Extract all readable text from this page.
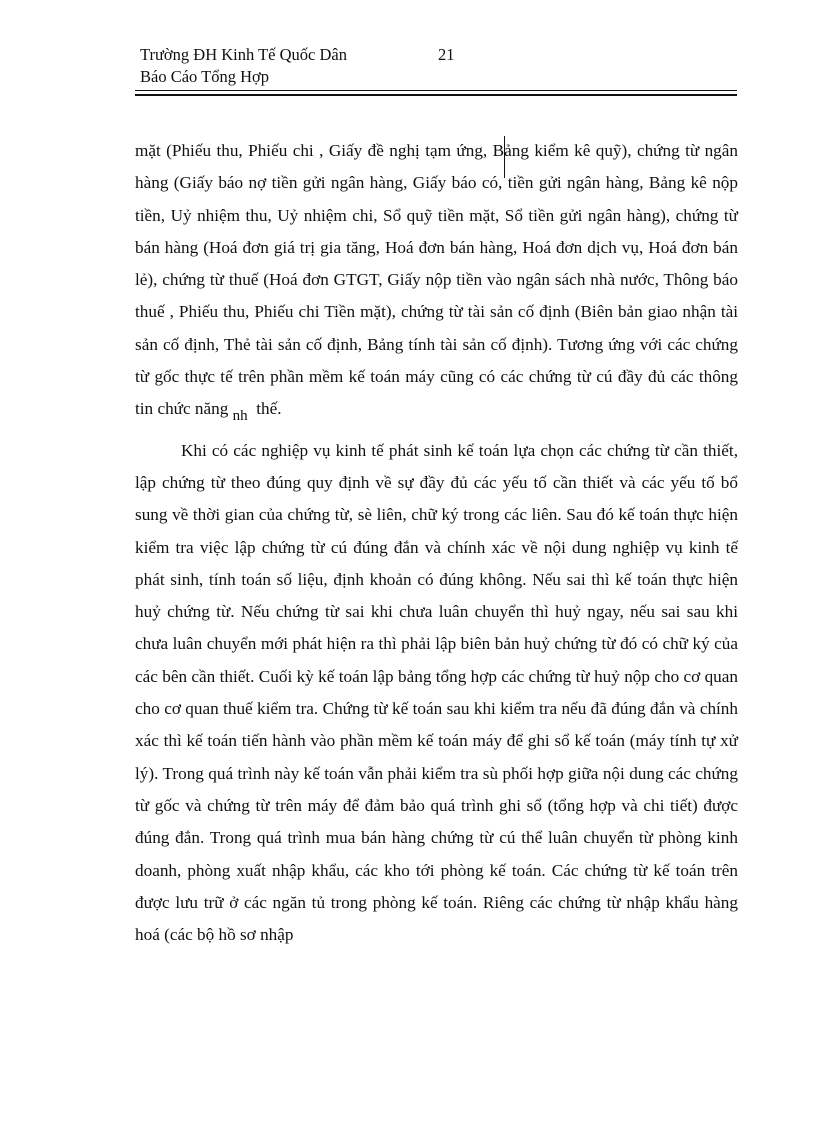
Trường ĐH Kinh Tế Quốc Dân	21
Báo Cáo Tổng Hợp

mặt (Phiếu thu, Phiếu chi , Giấy đề nghị tạm ứng, Bảng kiểm kê quỹ), chứng từ ngân hàng (Giấy báo nợ tiền gửi ngân hàng, Giấy báo có, tiền gửi ngân hàng, Bảng kê nộp tiền, Uỷ nhiệm thu, Uỷ nhiệm chi, Sổ quỹ tiền mặt, Sổ tiền gửi ngân hàng), chứng từ bán hàng (Hoá đơn giá trị gia tăng, Hoá đơn bán hàng, Hoá đơn dịch vụ, Hoá đơn bán lẻ), chứng từ thuế (Hoá đơn GTGT, Giấy nộp tiền vào ngân sách nhà nước, Thông báo thuế , Phiếu thu, Phiếu chi Tiền mặt), chứng từ tài sản cố định (Biên bản giao nhận tài sản cố định, Thẻ tài sản cố định, Bảng tính tài sản cố định). Tương ứng với các chứng từ gốc thực tế trên phần mềm kế toán máy cũng có các chứng từ cú đầy đủ các thông tin chức năng nh thế.

Khi có các nghiệp vụ kinh tế phát sinh kế toán lựa chọn các chứng từ cần thiết, lập chứng từ theo đúng quy định về sự đầy đủ các yếu tố cần thiết và các yếu tố bổ sung về thời gian của chứng từ, sè liên, chữ ký trong các liên. Sau đó kế toán thực hiện kiểm tra việc lập chứng từ cú đúng đắn và chính xác về nội dung nghiệp vụ kinh tế phát sinh, tính toán số liệu, định khoản có đúng không. Nếu sai thì kế toán thực hiện huỷ chứng từ. Nếu chứng từ sai khi chưa luân chuyển thì huỷ ngay, nếu sai sau khi chưa luân chuyển mới phát hiện ra thì phải lập biên bản huỷ chứng từ đó có chữ ký của các bên cần thiết. Cuối kỳ kế toán lập bảng tổng hợp các chứng từ huỷ nộp cho cơ quan cho cơ quan thuế kiểm tra. Chứng từ kế toán sau khi kiểm tra nếu đã đúng đắn và chính xác thì kế toán tiến hành vào phần mềm kế toán máy để ghi sổ kế toán (máy tính tự xử lý). Trong quá trình này kế toán vẫn phải kiểm tra sù phối hợp giữa nội dung các chứng từ gốc và chứng từ trên máy để đảm bảo quá trình ghi sổ (tổng hợp và chi tiết) được đúng đắn. Trong quá trình mua bán hàng chứng từ cú thể luân chuyển từ phòng kinh doanh, phòng xuất nhập khẩu, các kho tới phòng kế toán. Các chứng từ kế toán trên được lưu trữ ở các ngăn tủ trong phòng kế toán. Riêng các chứng từ nhập khẩu hàng hoá (các bộ hồ sơ nhập
